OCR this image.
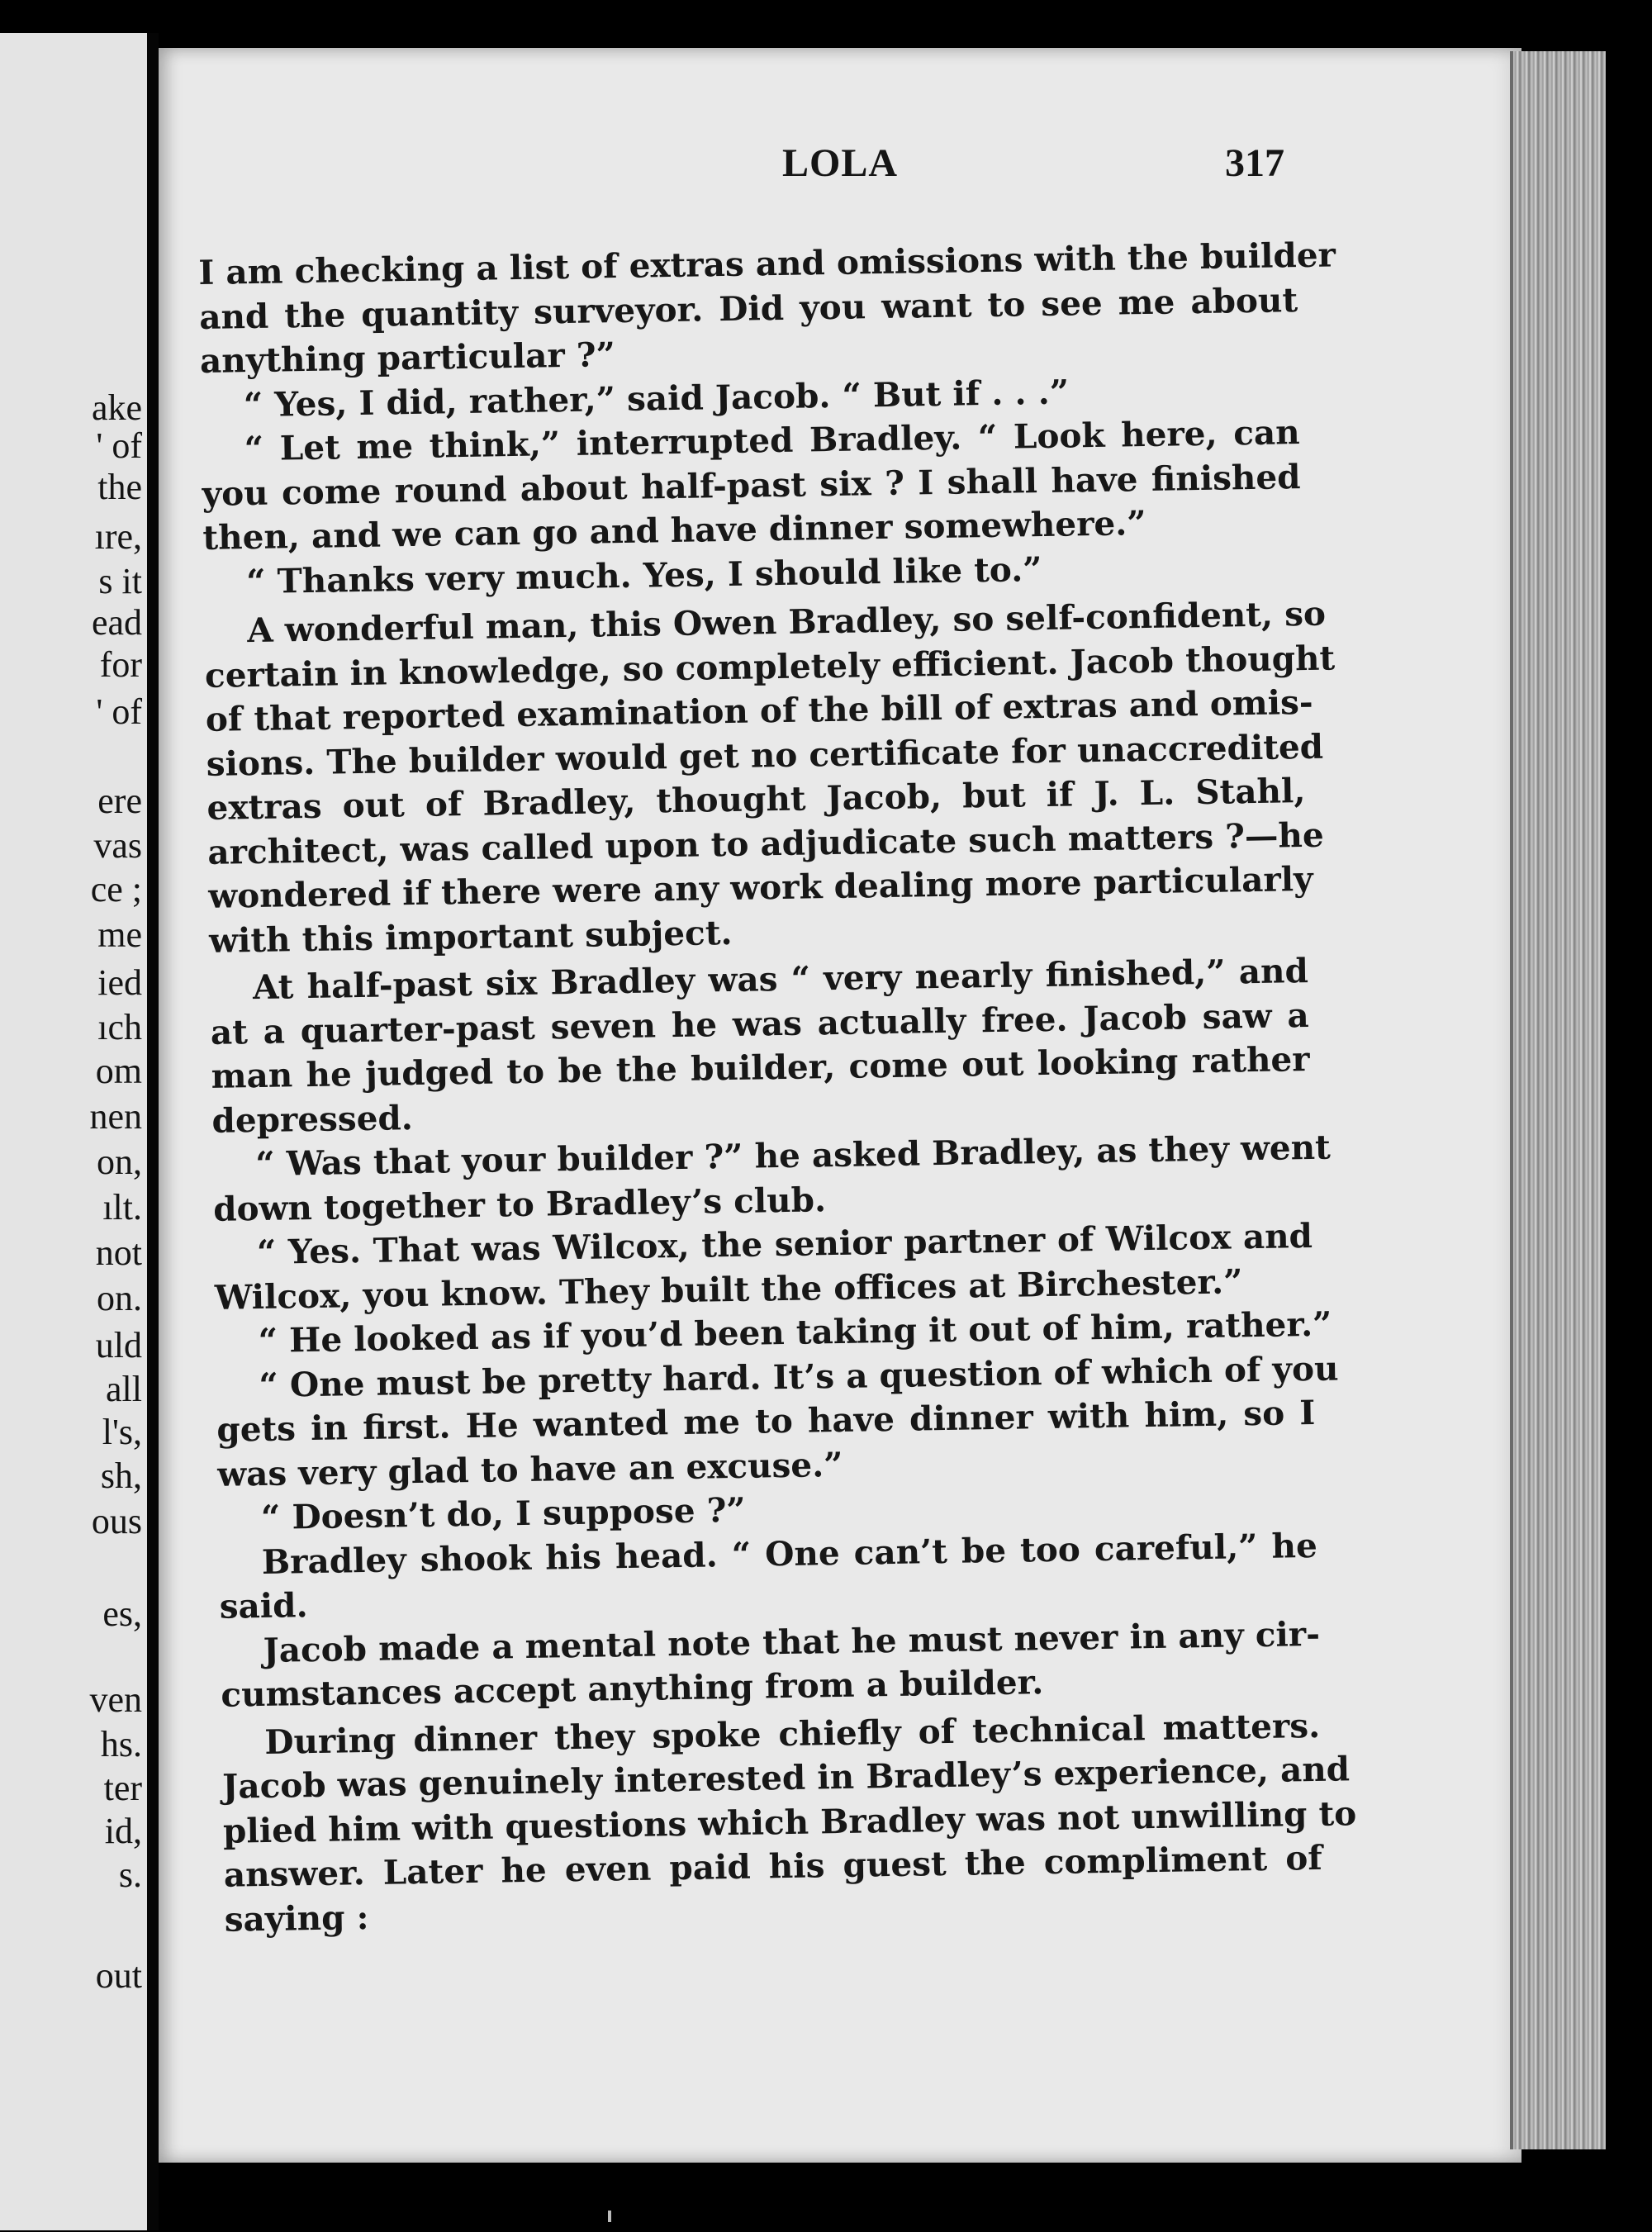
ake
' of
the
ıre,
s it
ead
for
' of
ere
vas
ce ;
me
ied
ıch
om
nen
on,
ılt.
not
on.
uld
all
l's,
sh,
ous
es,
ven
hs.
ter
id,
s.
out
LOLA	317
I am checking a list of extras and omissions with the builder
and the quantity surveyor. Did you want to see me about
anything particular ?”
“ Yes, I did, rather,” said Jacob. “ But if . . .”
“ Let me think,” interrupted Bradley. “ Look here, can
you come round about half-past six ? I shall have finished
then, and we can go and have dinner somewhere.”
“ Thanks very much. Yes, I should like to.”
A wonderful man, this Owen Bradley, so self-confident, so
certain in knowledge, so completely efficient. Jacob thought
of that reported examination of the bill of extras and omis-
sions. The builder would get no certificate for unaccredited
extras out of Bradley, thought Jacob, but if J. L. Stahl,
architect, was called upon to adjudicate such matters ?—he
wondered if there were any work dealing more particularly
with this important subject.
At half-past six Bradley was “ very nearly finished,” and
at a quarter-past seven he was actually free. Jacob saw a
man he judged to be the builder, come out looking rather
depressed.
“ Was that your builder ?” he asked Bradley, as they went
down together to Bradley’s club.
“ Yes. That was Wilcox, the senior partner of Wilcox and
Wilcox, you know. They built the offices at Birchester.”
“ He looked as if you’d been taking it out of him, rather.”
“ One must be pretty hard. It’s a question of which of you
gets in first. He wanted me to have dinner with him, so I
was very glad to have an excuse.”
“ Doesn’t do, I suppose ?”
Bradley shook his head. “ One can’t be too careful,” he
said.
Jacob made a mental note that he must never in any cir-
cumstances accept anything from a builder.
During dinner they spoke chiefly of technical matters.
Jacob was genuinely interested in Bradley’s experience, and
plied him with questions which Bradley was not unwilling to
answer. Later he even paid his guest the compliment of
saying :
